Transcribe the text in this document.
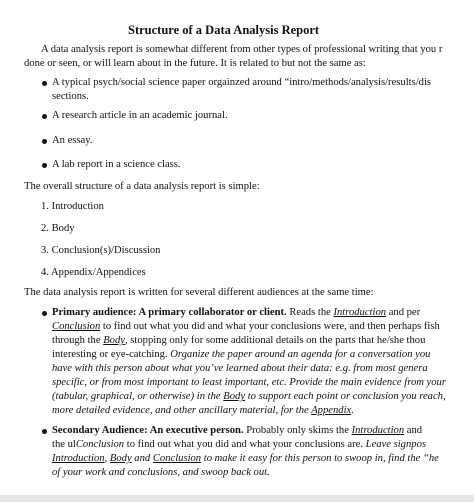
Structure of a Data Analysis Report
A data analysis report is somewhat different from other types of professional writing that you r
done or seen, or will learn about in the future. It is related to but not the same as:
A typical psych/social science paper orgainzed around “intro/methods/analysis/results/dis
sections.
A research article in an academic journal.
An essay.
A lab report in a science class.
The overall structure of a data analysis report is simple:
1. Introduction
2. Body
3. Conclusion(s)/Discussion
4. Appendix/Appendices
The data analysis report is written for several different audiences at the same time:
Primary audience: A primary collaborator or client. Reads the Introduction and per
Conclusion to find out what you did and what your conclusions were, and then perhaps fish
through the Body, stopping only for some additional details on the parts that he/she thou
interesting or eye-catching. Organize the paper around an agenda for a conversation you
have with this person about what you’ve learned about their data: e.g. from most genera
specific, or from most important to least important, etc. Provide the main evidence from your
(tabular, graphical, or otherwise) in the Body to support each point or conclusion you reach,
more detailed evidence, and other ancillary material, for the Appendix.
Secondary Audience: An executive person. Probably only skims the Introduction and
the ulConclusion to find out what you did and what your conclusions are. Leave signpos
Introduction, Body and Conclusion to make it easy for this person to swoop in, find the “he
of your work and conclusions, and swoop back out.
